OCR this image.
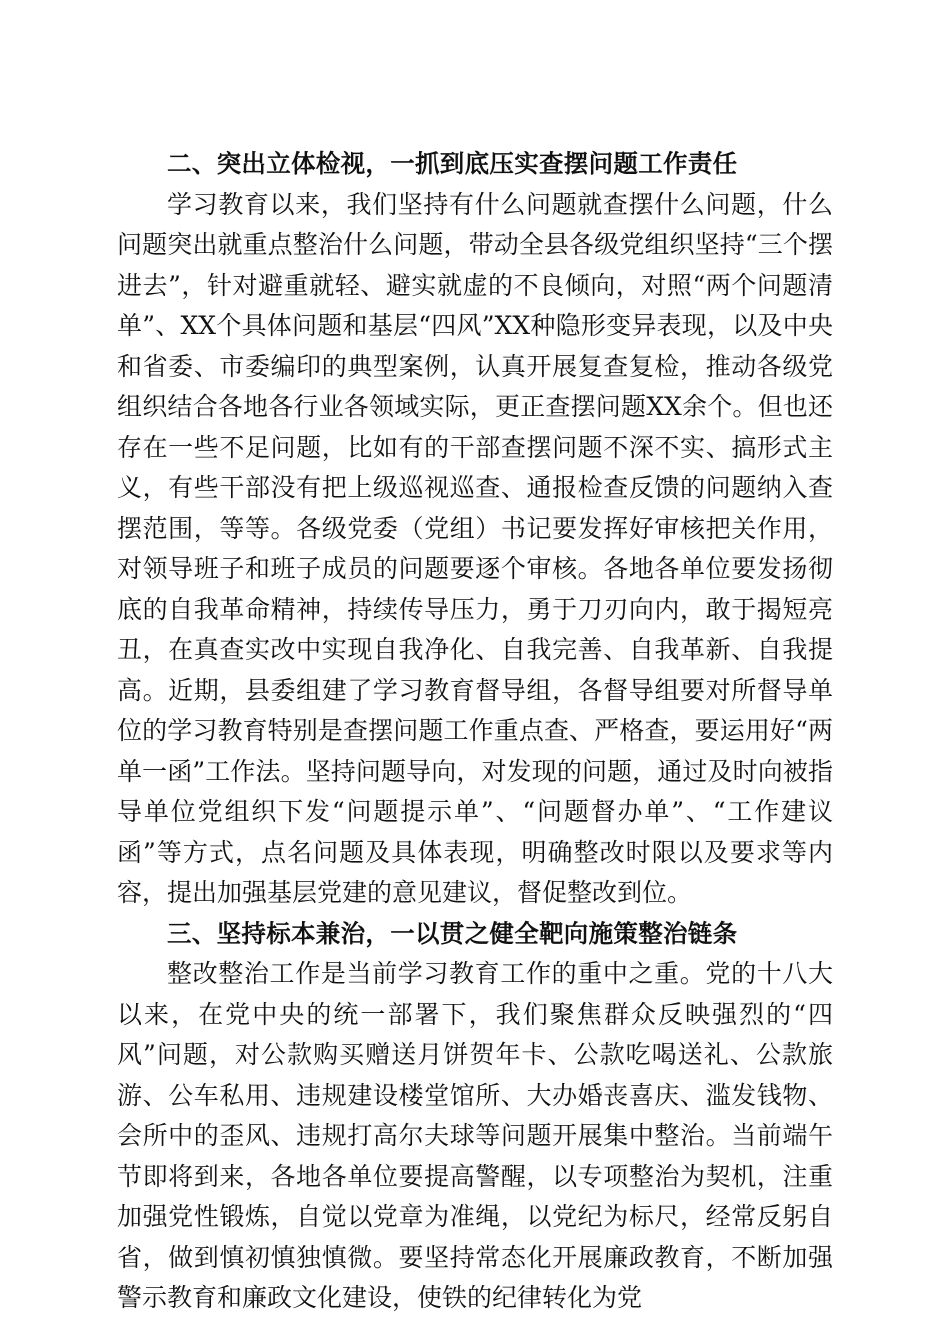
二、突出立体检视，一抓到底压实查摆问题工作责任

学习教育以来，我们坚持有什么问题就查摆什么问题，什么问题突出就重点整治什么问题，带动全县各级党组织坚持“三个摆进去”，针对避重就轻、避实就虚的不良倾向，对照“两个问题清单”、XX个具体问题和基层“四风”XX种隐形变异表现，以及中央和省委、市委编印的典型案例，认真开展复查复检，推动各级党组织结合各地各行业各领域实际，更正查摆问题XX余个。但也还存在一些不足问题，比如有的干部查摆问题不深不实、搞形式主义，有些干部没有把上级巡视巡查、通报检查反馈的问题纳入查摆范围，等等。各级党委（党组）书记要发挥好审核把关作用，对领导班子和班子成员的问题要逐个审核。各地各单位要发扬彻底的自我革命精神，持续传导压力，勇于刀刃向内，敢于揭短亮丑，在真查实改中实现自我净化、自我完善、自我革新、自我提高。近期，县委组建了学习教育督导组，各督导组要对所督导单位的学习教育特别是查摆问题工作重点查、严格查，要运用好“两单一函”工作法。坚持问题导向，对发现的问题，通过及时向被指导单位党组织下发“问题提示单”、“问题督办单”、“工作建议函”等方式，点名问题及具体表现，明确整改时限以及要求等内容，提出加强基层党建的意见建议，督促整改到位。

三、坚持标本兼治，一以贯之健全靶向施策整治链条

整改整治工作是当前学习教育工作的重中之重。党的十八大以来，在党中央的统一部署下，我们聚焦群众反映强烈的“四风”问题，对公款购买赠送月饼贺年卡、公款吃喝送礼、公款旅游、公车私用、违规建设楼堂馆所、大办婚丧喜庆、滥发钱物、会所中的歪风、违规打高尔夫球等问题开展集中整治。当前端午节即将到来，各地各单位要提高警醒，以专项整治为契机，注重加强党性锻炼，自觉以党章为准绳，以党纪为标尺，经常反躬自省，做到慎初慎独慎微。要坚持常态化开展廉政教育，不断加强警示教育和廉政文化建设，使铁的纪律转化为党
